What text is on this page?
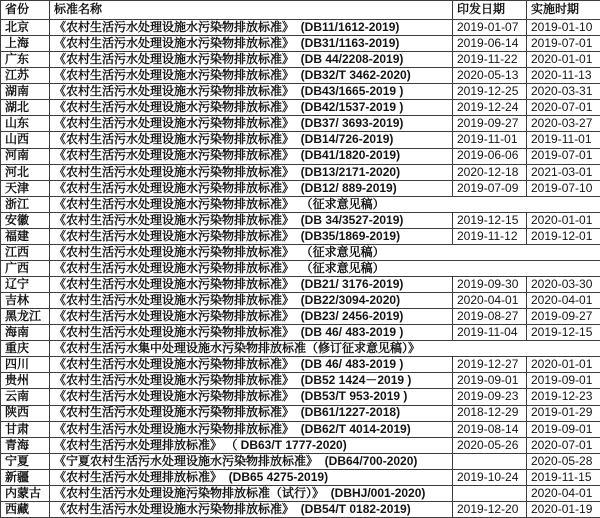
省份	标准名称	印发日期	实施时期
北京	《农村生活污水处理设施水污染物排放标准》  (DB11/1612-2019)	2019-01-07	2019-01-10
上海	《农村生活污水处理设施水污染物排放标准》  (DB31/1163-2019)	2019-06-14	2019-07-01
广东	《农村生活污水处理设施水污染物排放标准》  (DB 44/2208-2019)	2019-11-22	2020-01-01
江苏	《农村生活污水处理设施水污染物排放标准》  (DB32/T 3462-2020)	2020-05-13	2020-11-13
湖南	《农村生活污水处理设施水污染物排放标准》  (DB43/1665-2019 )	2019-12-25	2020-03-31
湖北	《农村生活污水处理设施水污染物排放标准》  (DB42/1537-2019 )	2019-12-24	2020-07-01
山东	《农村生活污水处理设施水污染物排放标准》  (DB37/ 3693-2019)	2019-09-27	2020-03-27
山西	《农村生活污水处理设施水污染物排放标准》  (DB14/726-2019)	2019-11-01	2019-11-01
河南	《农村生活污水处理设施水污染物排放标准》  (DB41/1820-2019)	2019-06-06	2019-07-01
河北	《农村生活污水处理设施水污染物排放标准》  (DB13/2171-2020)	2020-12-18	2021-03-01
天津	《农村生活污水处理设施水污染物排放标准》  (DB12/ 889-2019)	2019-07-09	2019-07-10
浙江	《农村生活污水处理设施水污染物排放标准》  （征求意见稿）		
安徽	《农村生活污水处理设施水污染物排放标准》  (DB 34/3527-2019)	2019-12-15	2020-01-01
福建	《农村生活污水处理设施水污染物排放标准》  (DB35/1869-2019)	2019-11-12	2019-12-01
江西	《农村生活污水处理设施水污染物排放标准》  （征求意见稿）		
广西	《农村生活污水处理设施水污染物排放标准》  （征求意见稿）		
辽宁	《农村生活污水处理设施水污染物排放标准》  (DB21/ 3176-2019)	2019-09-30	2020-03-30
吉林	《农村生活污水处理设施水污染物排放标准》  (DB22/3094-2020)	2020-04-01	2020-04-01
黑龙江	《农村生活污水处理设施水污染物排放标准》  (DB23/ 2456-2019)	2019-08-27	2019-09-27
海南	《农村生活污水处理设施水污染物排放标准》  (DB 46/ 483-2019 )	2019-11-04	2019-12-15
重庆	《农村生活污水集中处理设施水污染物排放标准（修订征求意见稿）》		
四川	《农村生活污水处理设施水污染物排放标准》  (DB 46/ 483-2019 )	2019-12-27	2020-01-01
贵州	《农村生活污水处理设施水污染物排放标准》  (DB52 1424－2019 )	2019-09-01	2019-09-01
云南	《农村生活污水处理设施水污染物排放标准》  (DB53/T 953-2019 )	2019-09-23	2019-12-23
陕西	《农村生活污水处理设施水污染物排放标准》  (DB61/1227-2018)	2018-12-29	2019-01-29
甘肃	《农村生活污水处理设施水污染物排放标准》  (DB62/T 4014-2019)	2019-08-14	2019-09-01
青海	《农村生活污水处理排放标准》 （ DB63/T 1777-2020)	2020-05-26	2020-07-01
宁夏	《宁夏农村生活污水处理设施水污染物排放标准》  (DB64/700-2020)		2020-05-28
新疆	《农村生活污水处理排放标准》  (DB65 4275-2019)	2019-10-24	2019-11-15
内蒙古	《农村生活污水处理设施污染物排放标准（试行）》  (DBHJ/001-2020)		2020-04-01
西藏	《农村生活污水处理设施水污染物排放标准》  (DB54/T 0182-2019)	2019-12-20	2020-01-19
